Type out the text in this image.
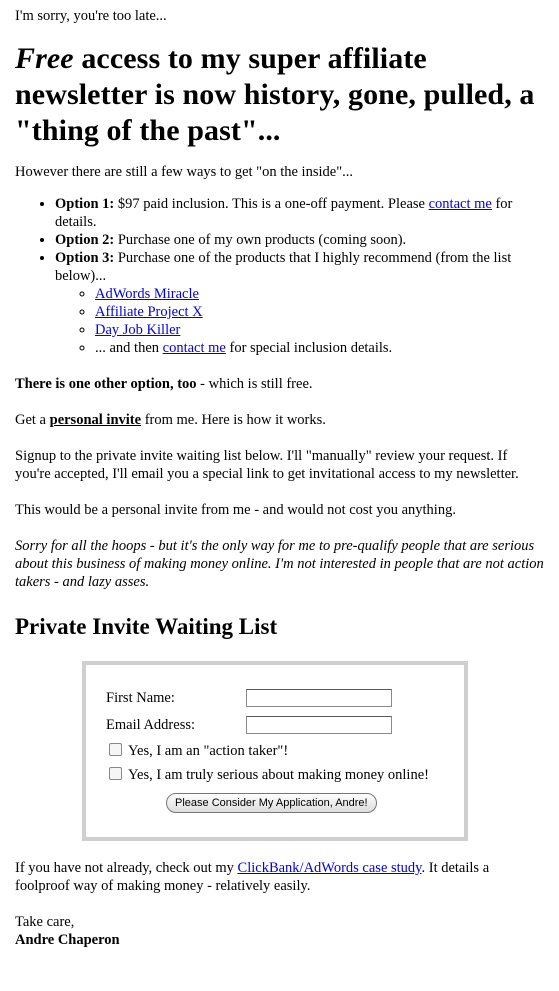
I'm sorry, you're too late...

Free access to my super affiliate newsletter is now history, gone, pulled, a "thing of the past"...

However there are still a few ways to get "on the inside"...

• Option 1: $97 paid inclusion. This is a one-off payment. Please contact me for details.
• Option 2: Purchase one of my own products (coming soon).
• Option 3: Purchase one of the products that I highly recommend (from the list below)...
◦ AdWords Miracle
◦ Affiliate Project X
◦ Day Job Killer
◦ ... and then contact me for special inclusion details.

There is one other option, too - which is still free.

Get a personal invite from me. Here is how it works.

Signup to the private invite waiting list below. I'll "manually" review your request. If you're accepted, I'll email you a special link to get invitational access to my newsletter.

This would be a personal invite from me - and would not cost you anything.

Sorry for all the hoops - but it's the only way for me to pre-qualify people that are serious about this business of making money online. I'm not interested in people that are not action takers - and lazy asses.

Private Invite Waiting List
First Name:
Email Address:
Yes, I am an "action taker"!
Yes, I am truly serious about making money online!
Please Consider My Application, Andre!

If you have not already, check out my ClickBank/AdWords case study. It details a foolproof way of making money - relatively easily.

Take care,

Andre Chaperon
